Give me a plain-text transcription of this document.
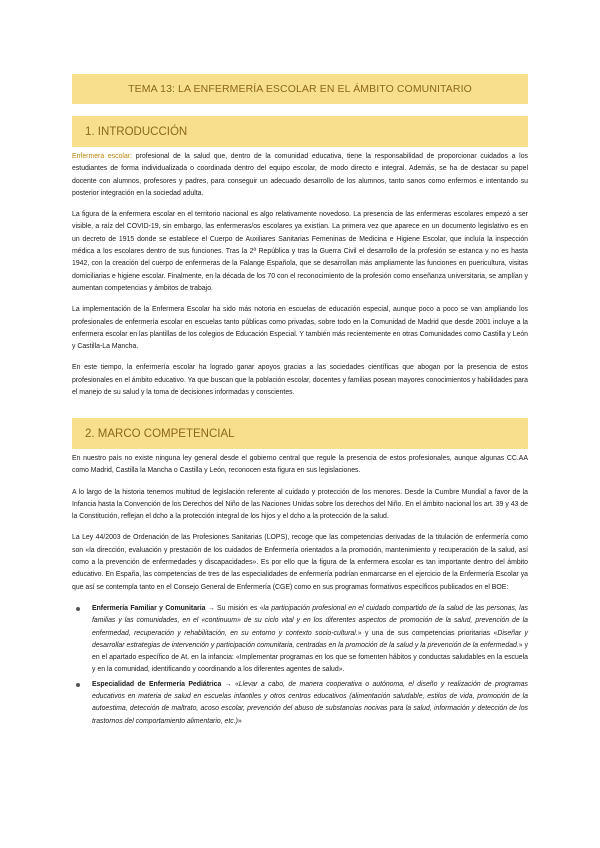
TEMA 13: LA ENFERMERÍA ESCOLAR EN EL ÁMBITO COMUNITARIO
1. INTRODUCCIÓN

Enfermera escolar: profesional de la salud que, dentro de la comunidad educativa, tiene la responsabilidad de proporcionar cuidados a los estudiantes de forma individualizada o coordinada dentro del equipo escolar, de modo directo e integral. Además, se ha de destacar su papel docente con alumnos, profesores y padres, para conseguir un adecuado desarrollo de los alumnos, tanto sanos como enfermos e intentando su posterior integración en la sociedad adulta.

La figura de la enfermera escolar en el territorio nacional es algo relativamente novedoso. La presencia de las enfermeras escolares empezó a ser visible, a raíz del COVID-19, sin embargo, las enfermeras/os escolares ya existían. La primera vez que aparece en un documento legislativo es en un decreto de 1915 donde se establece el Cuerpo de Auxiliares Sanitarias Femeninas de Medicina e Higiene Escolar, que incluía la inspección médica a los escolares dentro de sus funciones. Tras la 2ª República y tras la Guerra Civil el desarrollo de la profesión se estanca y no es hasta 1942, con la creación del cuerpo de enfermeras de la Falange Española, que se desarrollan más ampliamente las funciones en puericultura, visitas domiciliarias e higiene escolar. Finalmente, en la década de los 70 con el reconocimiento de la profesión como enseñanza universitaria, se amplían y aumentan competencias y ámbitos de trabajo.

La implementación de la Enfermera Escolar ha sido más notoria en escuelas de educación especial, aunque poco a poco se van ampliando los profesionales de enfermería escolar en escuelas tanto públicas como privadas, sobre todo en la Comunidad de Madrid que desde 2001 incluye a la enfermera escolar en las plantillas de los colegios de Educación Especial. Y también más recientemente en otras Comunidades como Castilla y León y Castilla-La Mancha.

En este tiempo, la enfermería escolar ha logrado ganar apoyos gracias a las sociedades científicas que abogan por la presencia de estos profesionales en el ámbito educativo. Ya que buscan que la población escolar, docentes y familias posean mayores conocimientos y habilidades para el manejo de su salud y la toma de decisiones informadas y conscientes.

2. MARCO COMPETENCIAL

En nuestro país no existe ninguna ley general desde el gobierno central que regule la presencia de estos profesionales, aunque algunas CC.AA como Madrid, Castilla la Mancha o Castilla y León, reconocen esta figura en sus legislaciones.

A lo largo de la historia tenemos multitud de legislación referente al cuidado y protección de los menores. Desde la Cumbre Mundial a favor de la Infancia hasta la Convención de los Derechos del Niño de las Naciones Unidas sobre los derechos del Niño. En el ámbito nacional los art. 39 y 43 de la Constitución, reflejan el dcho a la protección integral de los hijos y el dcho a la protección de la salud.

La Ley 44/2003 de Ordenación de las Profesiones Sanitarias (LOPS), recoge que las competencias derivadas de la titulación de enfermería como son «la dirección, evaluación y prestación de los cuidados de Enfermería orientados a la promoción, mantenimiento y recuperación de la salud, así como a la prevención de enfermedades y discapacidades». Es por ello que la figura de la enfermera escolar es tan importante dentro del ámbito educativo. En España, las competencias de tres de las especialidades de enfermería podrían enmarcarse en el ejercicio de la Enfermería Escolar ya que así se contempla tanto en el Consejo General de Enfermería (CGE) como en sus programas formativos específicos publicados en el BOE:

Enfermería Familiar y Comunitaria → Su misión es «la participación profesional en el cuidado compartido de la salud de las personas, las familias y las comunidades, en el «continuum» de su ciclo vital y en los diferentes aspectos de promoción de la salud, prevención de la enfermedad, recuperación y rehabilitación, en su entorno y contexto socio-cultural.» y una de sus competencias prioritarias «Diseñar y desarrollar estrategias de intervención y participación comunitaria, centradas en la promoción de la salud y la prevención de la enfermedad.» y en el apartado específico de At. en la infancia: «Implementar programas en los que se fomenten hábitos y conductas saludables en la escuela y en la comunidad, identificando y coordinando a los diferentes agentes de salud».
Especialidad de Enfermería Pediátrica → «Llevar a cabo, de manera cooperativa o autónoma, el diseño y realización de programas educativos en materia de salud en escuelas infantiles y otros centros educativos (alimentación saludable, estilos de vida, promoción de la autoestima, detección de maltrato, acoso escolar, prevención del abuso de substancias nocivas para la salud, información y detección de los trastornos del comportamiento alimentario, etc.)»
